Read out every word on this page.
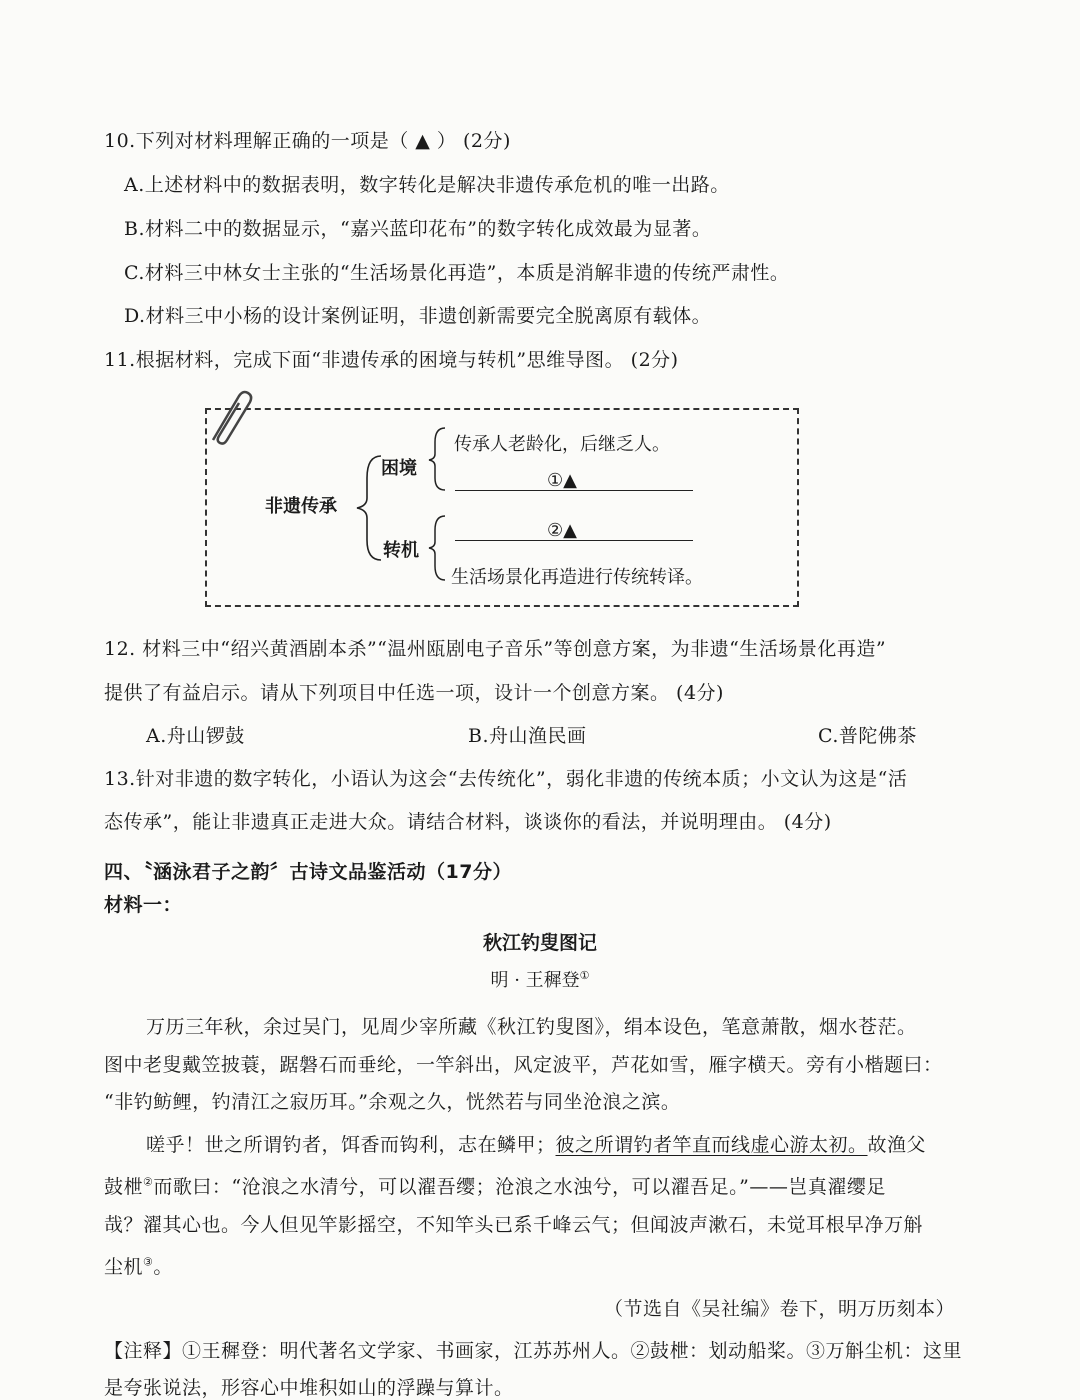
10.下列对材料理解正确的一项是（ ▲ ） (2分)
A.上述材料中的数据表明，数字转化是解决非遗传承危机的唯一出路。
B.材料二中的数据显示，“嘉兴蓝印花布”的数字转化成效最为显著。
C.材料三中林女士主张的“生活场景化再造”，本质是消解非遗的传统严肃性。
D.材料三中小杨的设计案例证明，非遗创新需要完全脱离原有载体。
11.根据材料，完成下面“非遗传承的困境与转机”思维导图。 (2分)
非遗传承
困境
传承人老龄化，后继乏人。
①▲
转机
②▲
生活场景化再造进行传统转译。
12. 材料三中“绍兴黄酒剧本杀”“温州瓯剧电子音乐”等创意方案，为非遗“生活场景化再造”
提供了有益启示。请从下列项目中任选一项，设计一个创意方案。 (4分)
A.舟山锣鼓	B.舟山渔民画	C.普陀佛茶
13.针对非遗的数字转化，小语认为这会“去传统化”，弱化非遗的传统本质；小文认为这是“活
态传承”，能让非遗真正走进大众。请结合材料，谈谈你的看法，并说明理由。 (4分)
四、〝涵泳君子之韵〞古诗文品鉴活动（17分）
材料一：
秋江钓叟图记
明 · 王穉登①
万历三年秋，余过吴门，见周少宰所藏《秋江钓叟图》，绢本设色，笔意萧散，烟水苍茫。
图中老叟戴笠披蓑，踞磐石而垂纶，一竿斜出，风定波平，芦花如雪，雁字横天。旁有小楷题曰：
“非钓鲂鲤，钓清江之寂历耳。”余观之久，恍然若与同坐沧浪之滨。
嗟乎！世之所谓钓者，饵香而钩利，志在鳞甲；彼之所谓钓者竿直而线虚心游太初。故渔父
鼓枻②而歌曰：“沧浪之水清兮，可以濯吾缨；沧浪之水浊兮，可以濯吾足。”——岂真濯缨足
哉？濯其心也。今人但见竿影摇空，不知竿头已系千峰云气；但闻波声漱石，未觉耳根早净万斛
尘机③。
（节选自《吴社编》卷下，明万历刻本）
【注释】①王穉登：明代著名文学家、书画家，江苏苏州人。②鼓枻：划动船桨。③万斛尘机：这里
是夸张说法，形容心中堆积如山的浮躁与算计。
